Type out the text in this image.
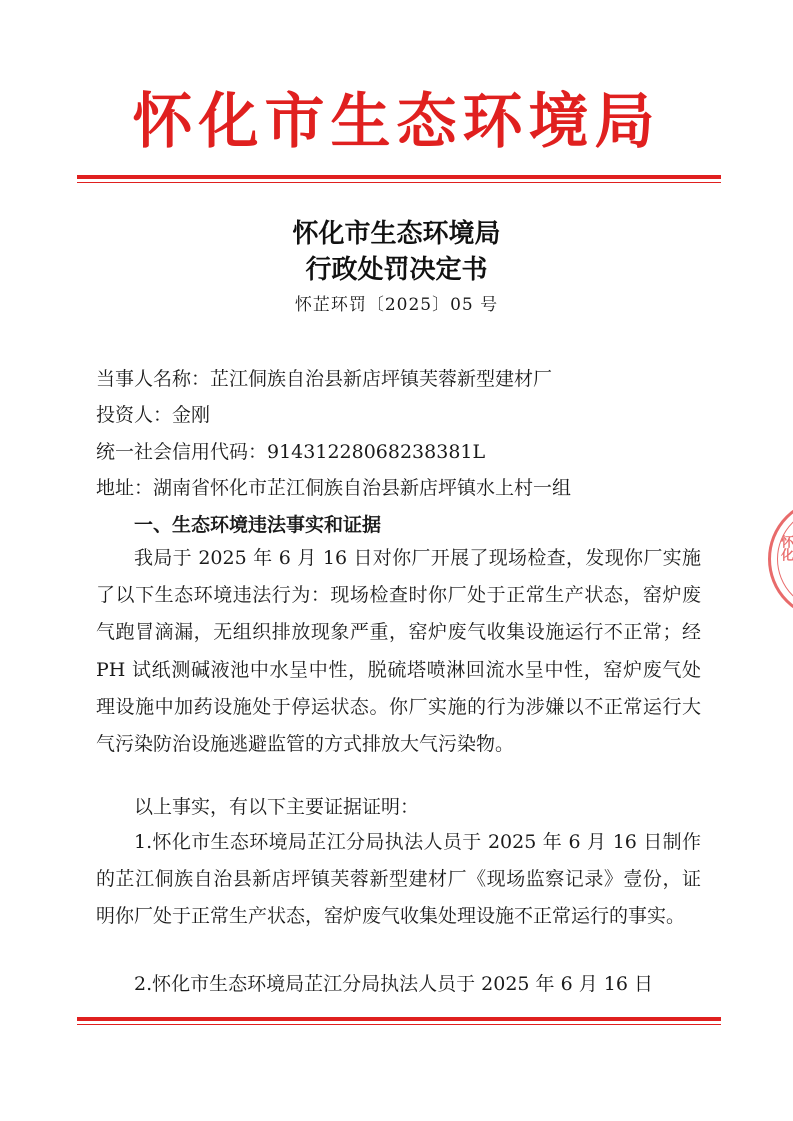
怀化市生态环境局
怀化市生态环境局
行政处罚决定书
怀芷环罚〔2025〕05 号
当事人名称：芷江侗族自治县新店坪镇芙蓉新型建材厂
投资人：金刚
统一社会信用代码：91431228068238381L
地址：湖南省怀化市芷江侗族自治县新店坪镇水上村一组
一、生态环境违法事实和证据

我局于 2025 年 6 月 16 日对你厂开展了现场检查，发现你厂实施了以下生态环境违法行为：现场检查时你厂处于正常生产状态，窑炉废气跑冒滴漏，无组织排放现象严重，窑炉废气收集设施运行不正常；经 PH 试纸测碱液池中水呈中性，脱硫塔喷淋回流水呈中性，窑炉废气处理设施中加药设施处于停运状态。你厂实施的行为涉嫌以不正常运行大气污染防治设施逃避监管的方式排放大气污染物。

以上事实，有以下主要证据证明：

1.怀化市生态环境局芷江分局执法人员于 2025 年 6 月 16 日制作的芷江侗族自治县新店坪镇芙蓉新型建材厂《现场监察记录》壹份，证明你厂处于正常生产状态，窑炉废气收集处理设施不正常运行的事实。

2.怀化市生态环境局芷江分局执法人员于 2025 年 6 月 16 日

怀化
